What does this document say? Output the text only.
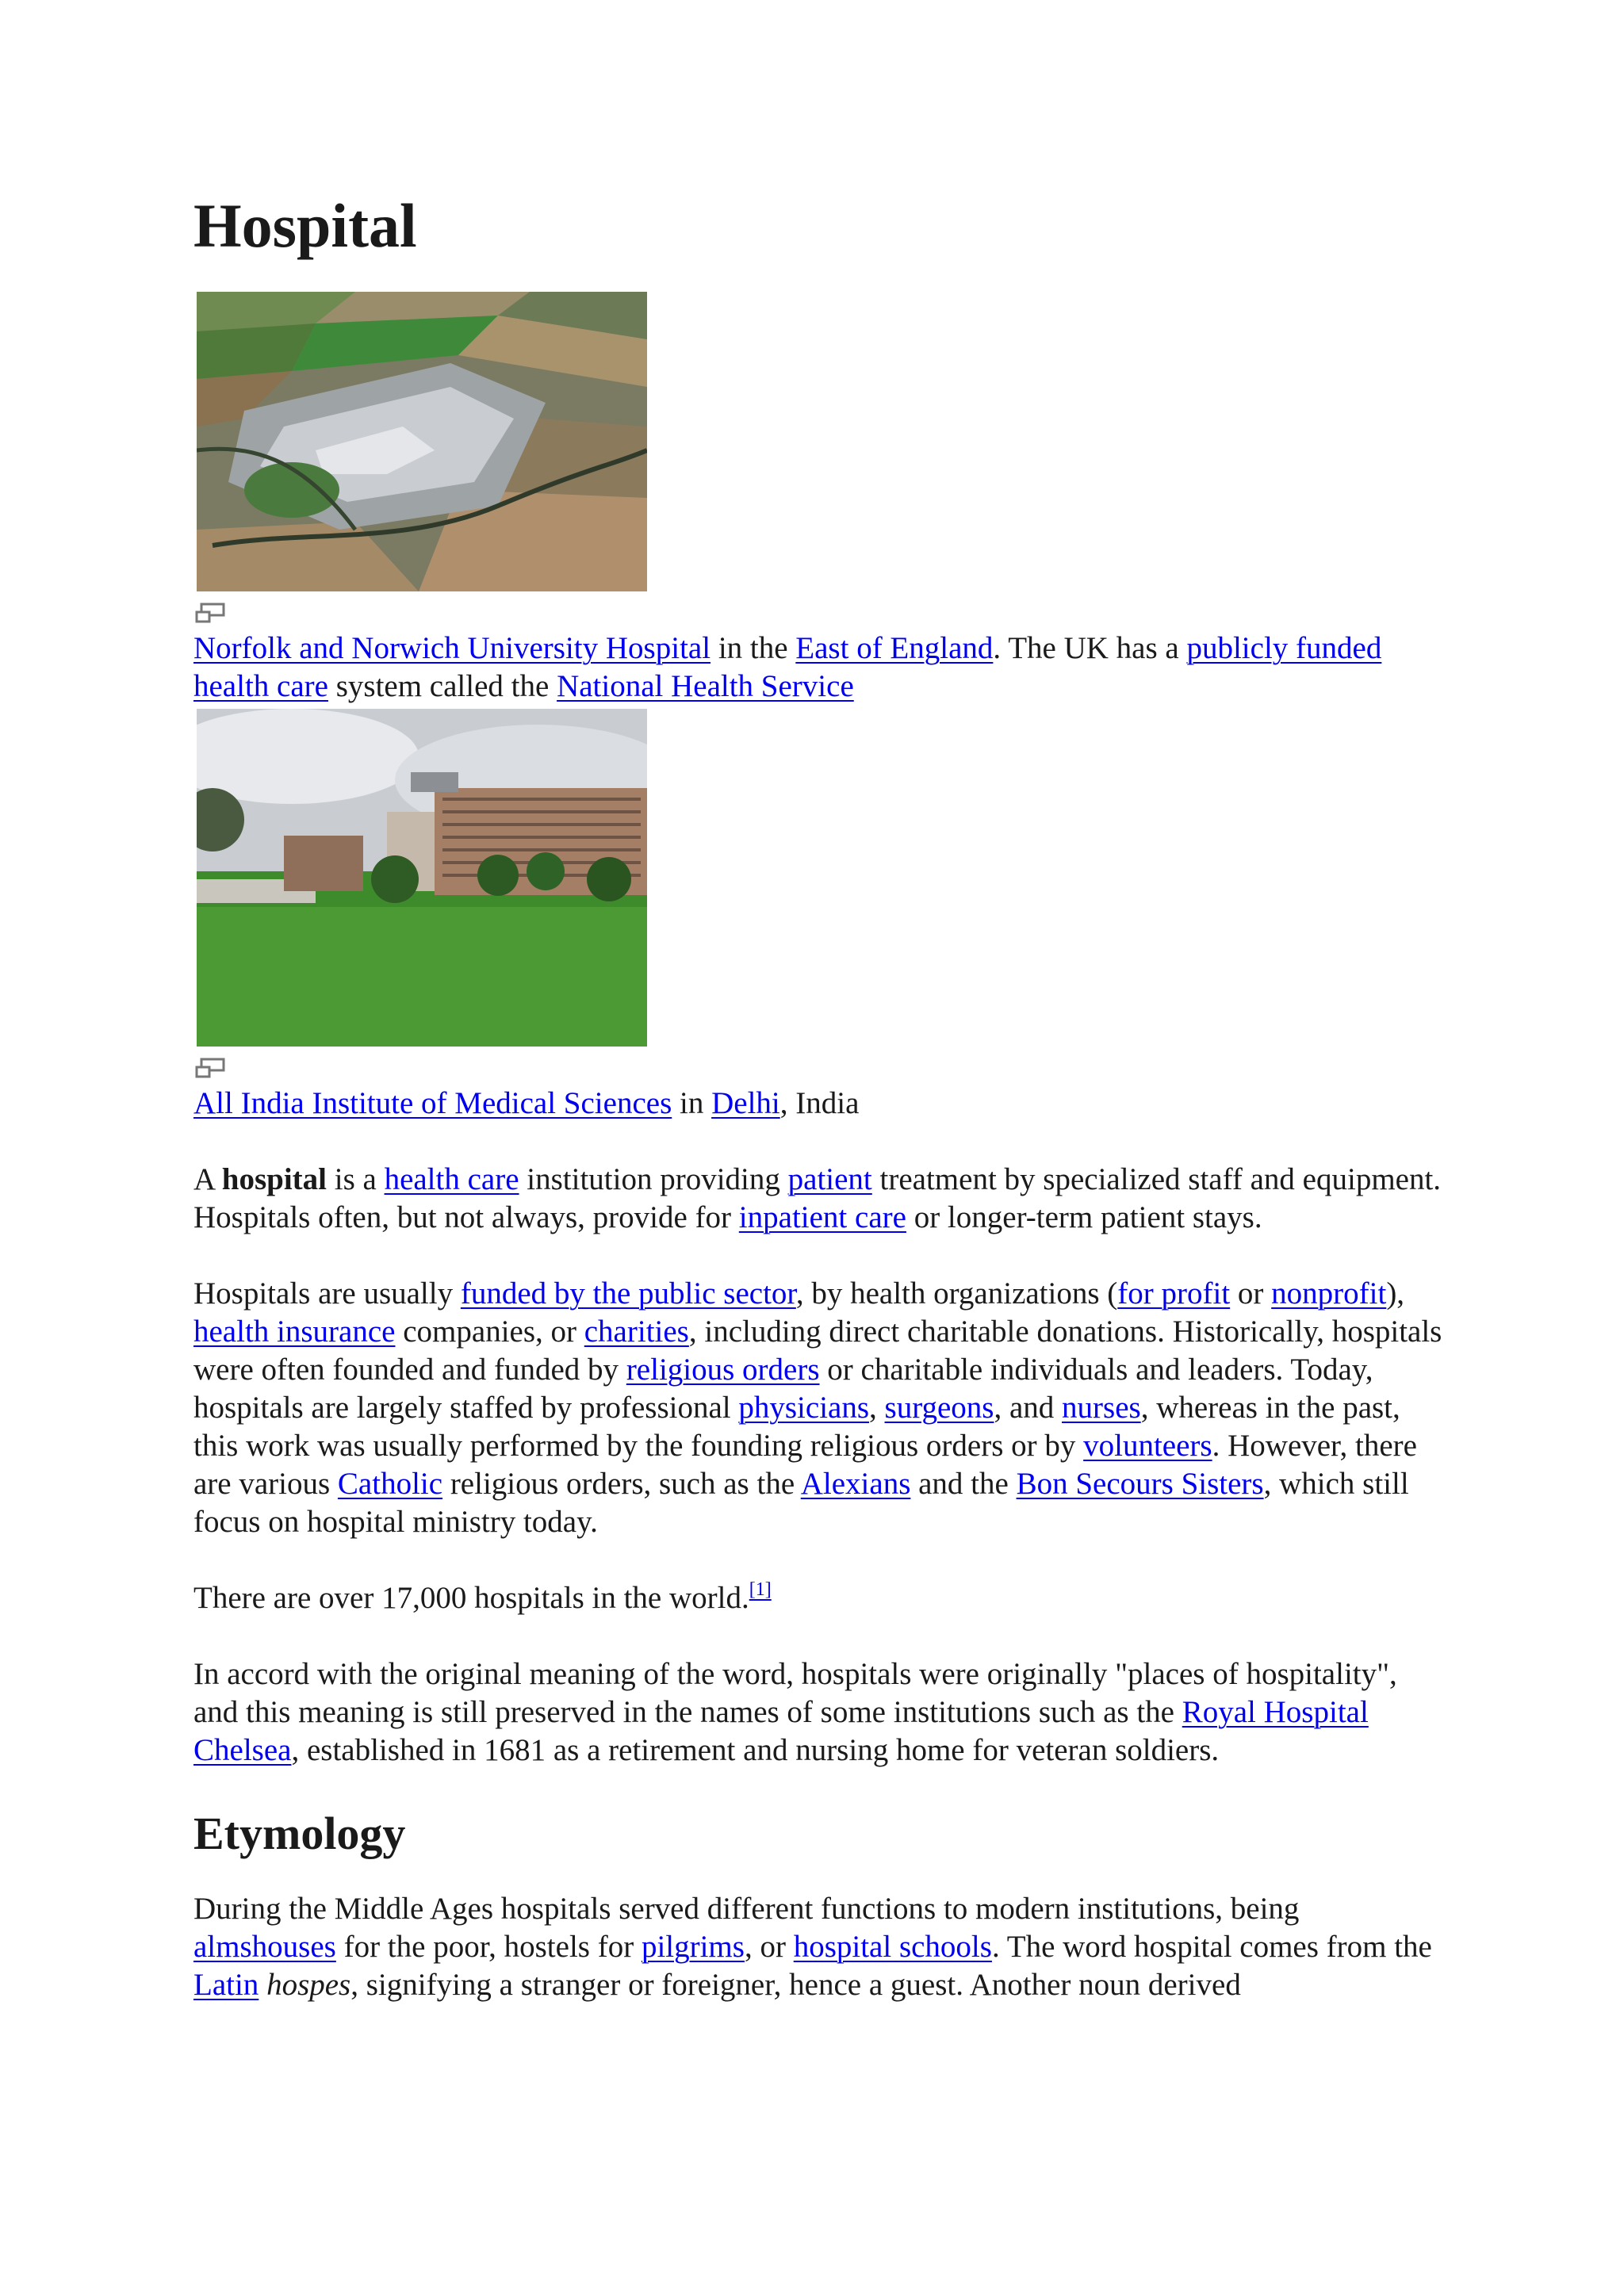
Hospital
Norfolk and Norwich University Hospital in the East of England. The UK has a publicly funded health care system called the National Health Service
All India Institute of Medical Sciences in Delhi, India

A hospital is a health care institution providing patient treatment by specialized staff and equipment. Hospitals often, but not always, provide for inpatient care or longer-term patient stays.

Hospitals are usually funded by the public sector, by health organizations (for profit or nonprofit), health insurance companies, or charities, including direct charitable donations. Historically, hospitals were often founded and funded by religious orders or charitable individuals and leaders. Today, hospitals are largely staffed by professional physicians, surgeons, and nurses, whereas in the past, this work was usually performed by the founding religious orders or by volunteers. However, there are various Catholic religious orders, such as the Alexians and the Bon Secours Sisters, which still focus on hospital ministry today.

There are over 17,000 hospitals in the world.[1]

In accord with the original meaning of the word, hospitals were originally "places of hospitality", and this meaning is still preserved in the names of some institutions such as the Royal Hospital Chelsea, established in 1681 as a retirement and nursing home for veteran soldiers.

Etymology

During the Middle Ages hospitals served different functions to modern institutions, being almshouses for the poor, hostels for pilgrims, or hospital schools. The word hospital comes from the Latin hospes, signifying a stranger or foreigner, hence a guest. Another noun derived
